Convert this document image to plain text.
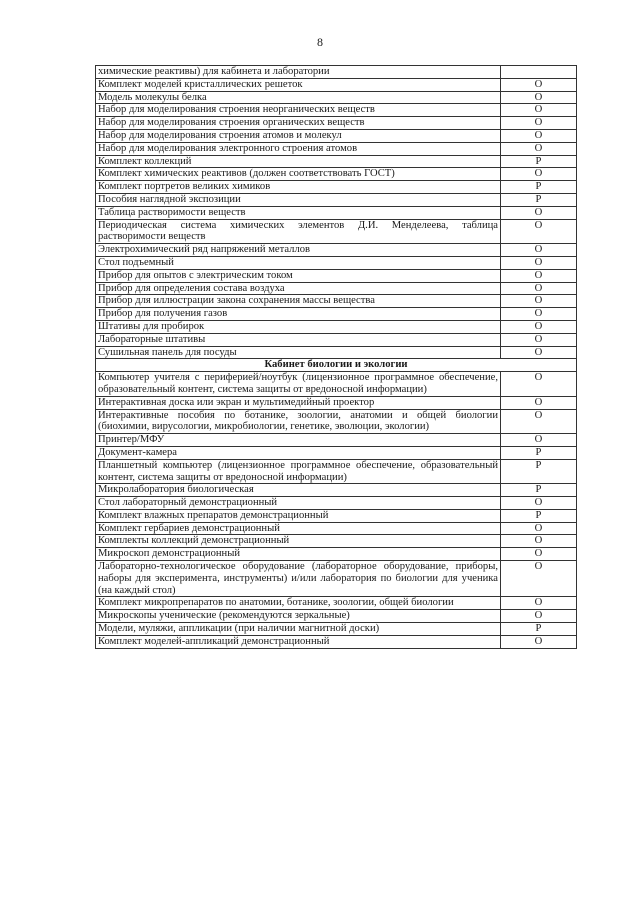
8
химические реактивы) для кабинета и лаборатории	
Комплект моделей кристаллических решеток	О
Модель молекулы белка	О
Набор для моделирования строения неорганических веществ	О
Набор для моделирования строения органических веществ	О
Набор для моделирования строения атомов и молекул	О
Набор для моделирования электронного строения атомов	О
Комплект коллекций	Р
Комплект химических реактивов (должен соответствовать ГОСТ)	О
Комплект портретов великих химиков	Р
Пособия наглядной экспозиции	Р
Таблица растворимости веществ	О
Периодическая система химических элементов Д.И. Менделеева, таблица растворимости веществ	О
Электрохимический ряд напряжений металлов	О
Стол подъемный	О
Прибор для опытов с электрическим током	О
Прибор для определения состава воздуха	О
Прибор для иллюстрации закона сохранения массы вещества	О
Прибор для получения газов	О
Штативы для пробирок	О
Лабораторные штативы	О
Сушильная панель для посуды	О
Кабинет биологии и экологии	
Компьютер учителя с периферией/ноутбук (лицензионное программное обеспечение, образовательный контент, система защиты от вредоносной информации)	О
Интерактивная доска или экран и мультимедийный проектор	О
Интерактивные пособия по ботанике, зоологии, анатомии и общей биологии (биохимии, вирусологии, микробиологии, генетике, эволюции, экологии)	О
Принтер/МФУ	О
Документ-камера	Р
Планшетный компьютер (лицензионное программное обеспечение, образовательный контент, система защиты от вредоносной информации)	Р
Микролаборатория биологическая	Р
Стол лабораторный демонстрационный	О
Комплект влажных препаратов демонстрационный	Р
Комплект гербариев демонстрационный	О
Комплекты коллекций демонстрационный	О
Микроскоп демонстрационный	О
Лабораторно-технологическое оборудование (лабораторное оборудование, приборы, наборы для эксперимента, инструменты) и/или лаборатория по биологии для ученика (на каждый стол)	О
Комплект микропрепаратов по анатомии, ботанике, зоологии, общей биологии	О
Микроскопы ученические (рекомендуются зеркальные)	О
Модели, муляжи, аппликации (при наличии магнитной доски)	Р
Комплект моделей-аппликаций демонстрационный	О
